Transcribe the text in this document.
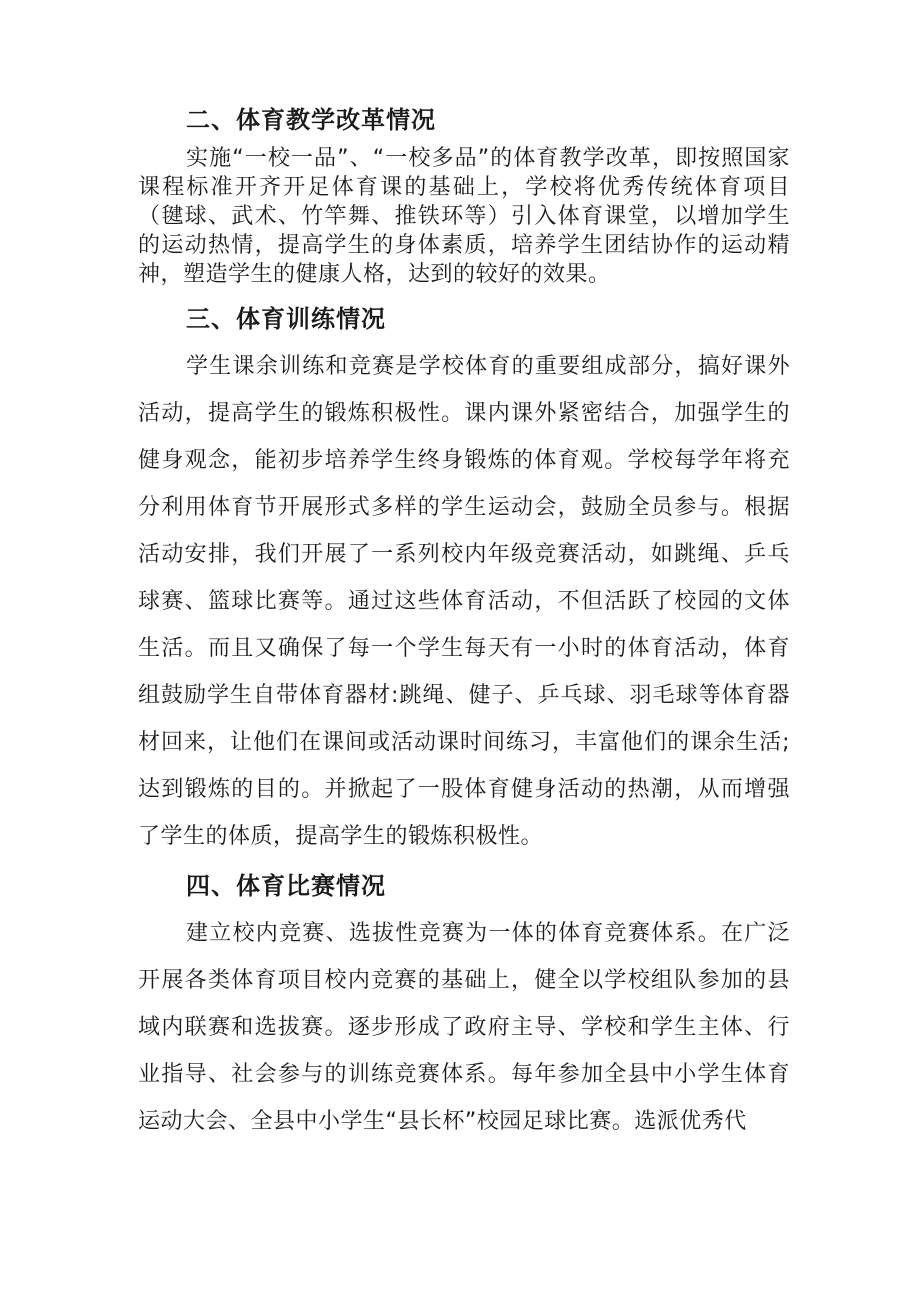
二、体育教学改革情况

实施“一校一品”、“一校多品”的体育教学改革，即按照国家课程标准开齐开足体育课的基础上，学校将优秀传统体育项目（毽球、武术、竹竿舞、推铁环等）引入体育课堂，以增加学生的运动热情，提高学生的身体素质，培养学生团结协作的运动精神，塑造学生的健康人格，达到的较好的效果。

三、体育训练情况

学生课余训练和竞赛是学校体育的重要组成部分，搞好课外活动，提高学生的锻炼积极性。课内课外紧密结合，加强学生的健身观念，能初步培养学生终身锻炼的体育观。学校每学年将充分利用体育节开展形式多样的学生运动会，鼓励全员参与。根据活动安排，我们开展了一系列校内年级竞赛活动，如跳绳、乒乓球赛、篮球比赛等。通过这些体育活动，不但活跃了校园的文体生活。而且又确保了每一个学生每天有一小时的体育活动，体育组鼓励学生自带体育器材:跳绳、健子、乒乓球、羽毛球等体育器材回来，让他们在课间或活动课时间练习，丰富他们的课余生活;达到锻炼的目的。并掀起了一股体育健身活动的热潮，从而增强了学生的体质，提高学生的锻炼积极性。

四、体育比赛情况

建立校内竞赛、选拔性竞赛为一体的体育竞赛体系。在广泛开展各类体育项目校内竞赛的基础上，健全以学校组队参加的县域内联赛和选拔赛。逐步形成了政府主导、学校和学生主体、行业指导、社会参与的训练竞赛体系。每年参加全县中小学生体育运动大会、全县中小学生“县长杯”校园足球比赛。选派优秀代
